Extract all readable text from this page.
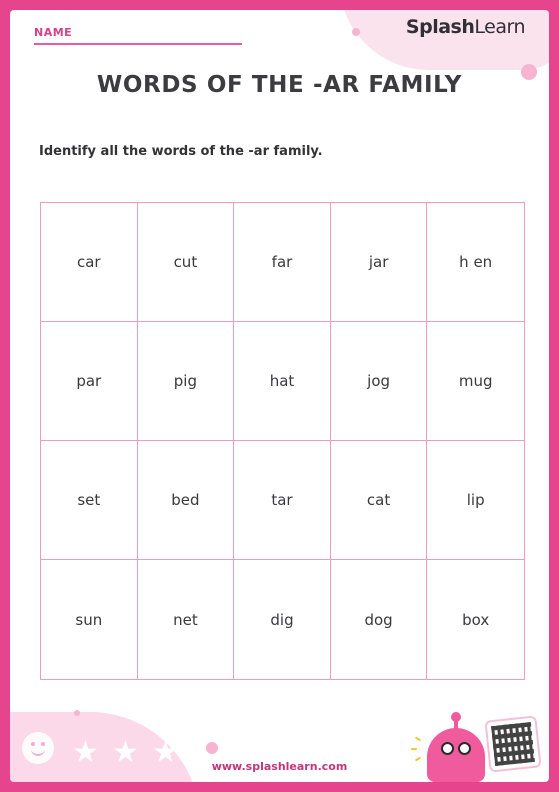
NAME	SplashLearn
WORDS OF THE -AR FAMILY
Identify all the words of the -ar family.
car	cut	far	jar	h en
par	pig	hat	jog	mug
set	bed	tar	cat	lip
sun	net	dig	dog	box
★ ★ ★	www.splashlearn.com
